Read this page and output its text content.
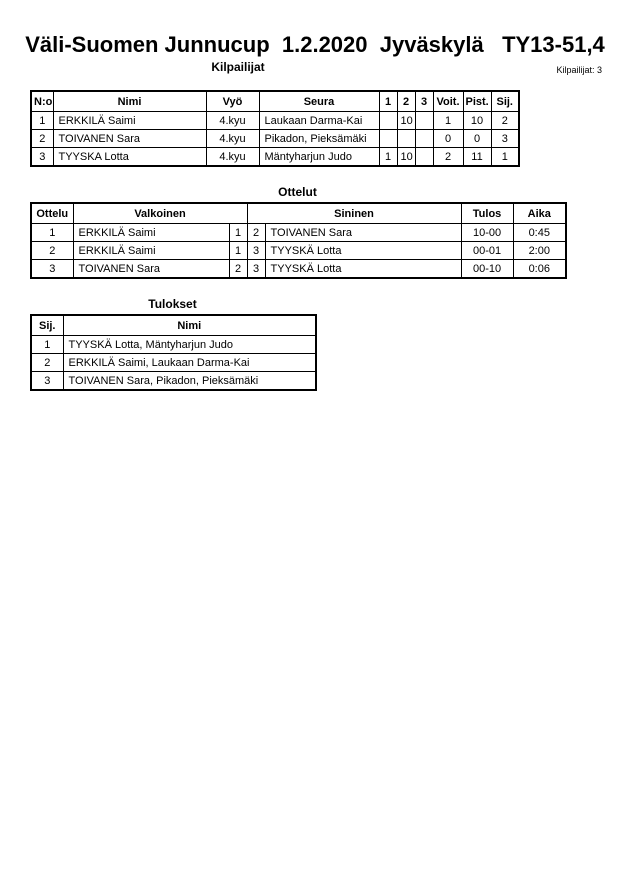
Väli-Suomen Junnucup  1.2.2020  Jyväskylä   TY13-51,4
Kilpailijat	Kilpailijat: 3
N:o	Nimi	Vyö	Seura	1	2	3	Voit.	Pist.	Sij.
1	ERKKILÄ Saimi	4.kyu	Laukaan Darma-Kai		10		1	10	2
2	TOIVANEN Sara	4.kyu	Pikadon, Pieksämäki				0	0	3
3	TYYSKA Lotta	4.kyu	Mäntyharjun Judo	1	10		2	11	1
Ottelut
Ottelu	Valkoinen		Sininen		Tulos	Aika
1	ERKKILÄ Saimi	1	2	TOIVANEN Sara	10-00	0:45
2	ERKKILÄ Saimi	1	3	TYYSKÄ Lotta	00-01	2:00
3	TOIVANEN Sara	2	3	TYYSKÄ Lotta	00-10	0:06
Tulokset
Sij.	Nimi
1	TYYSKÄ Lotta, Mäntyharjun Judo
2	ERKKILÄ Saimi, Laukaan Darma-Kai
3	TOIVANEN Sara, Pikadon, Pieksämäki
